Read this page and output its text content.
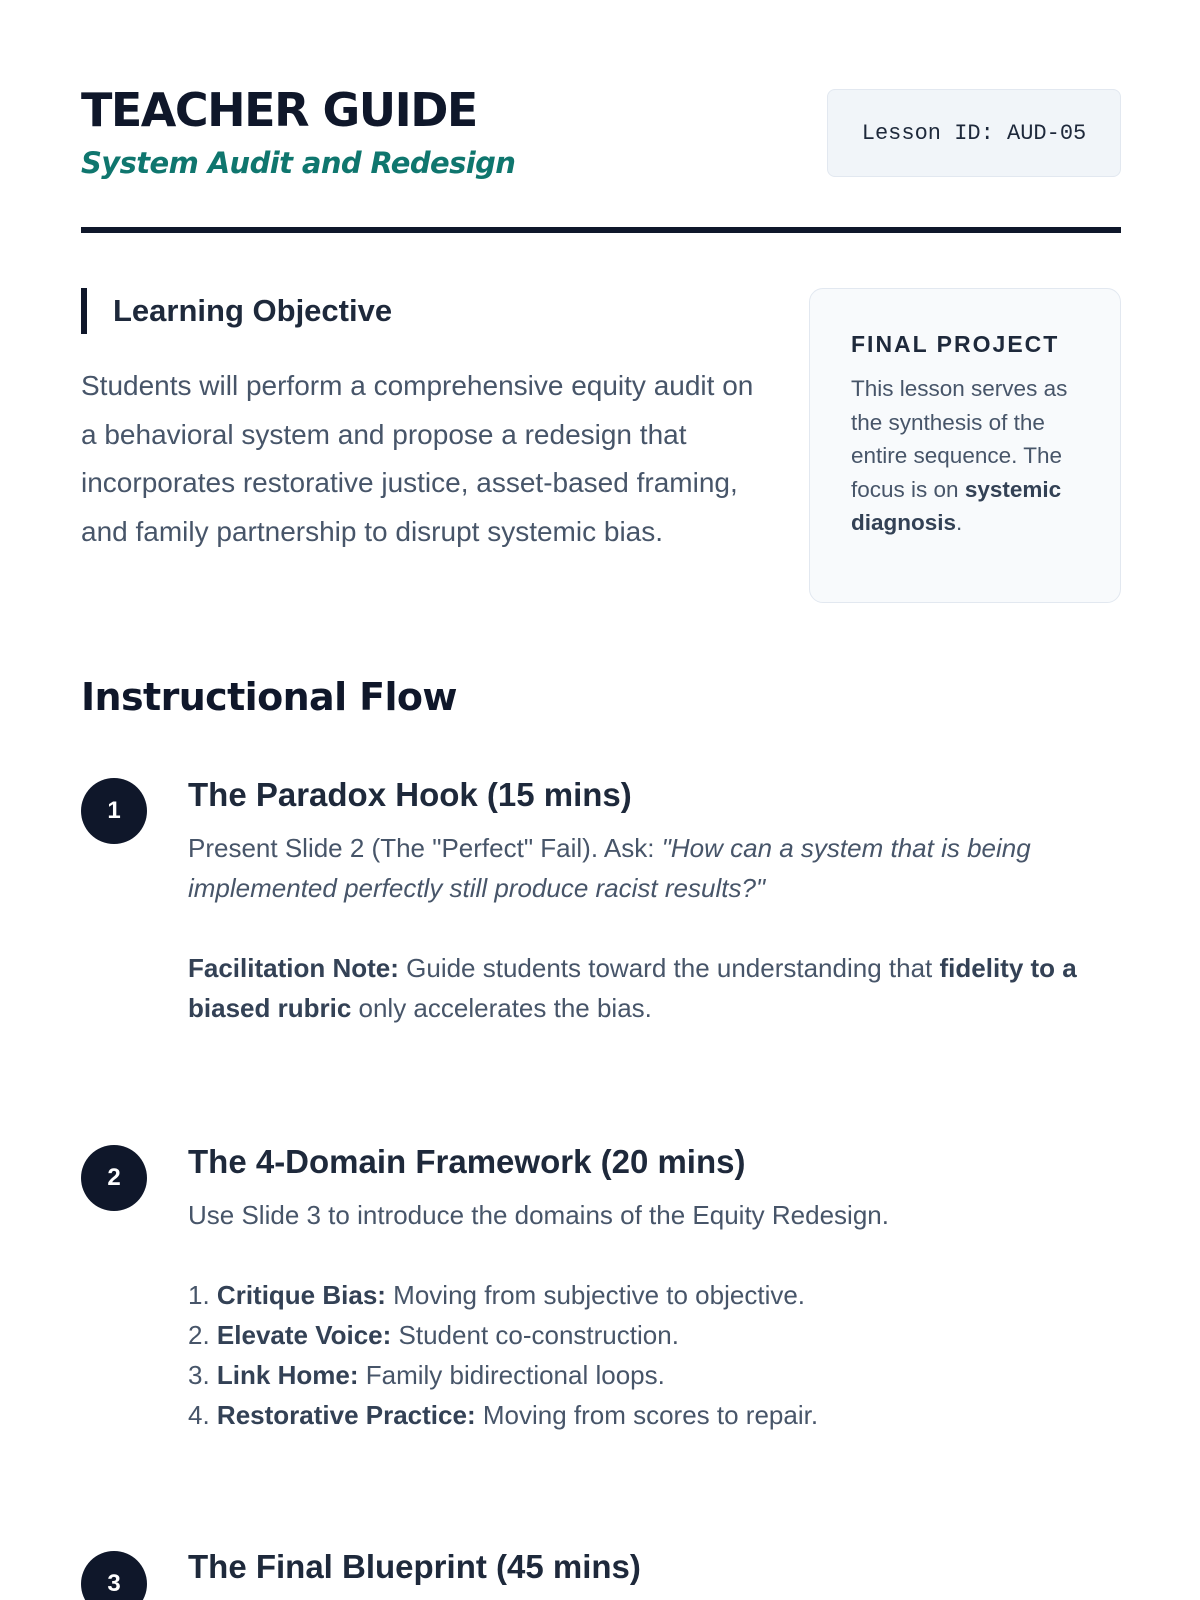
TEACHER GUIDE
System Audit and Redesign
Lesson ID: AUD-05
Learning Objective

Students will perform a comprehensive equity audit on a behavioral system and propose a redesign that incorporates restorative justice, asset-based framing, and family partnership to disrupt systemic bias.

FINAL PROJECT

This lesson serves as the synthesis of the entire sequence. The focus is on systemic diagnosis.

Instructional Flow
1	The Paradox Hook (15 mins)

Present Slide 2 (The "Perfect" Fail). Ask: "How can a system that is being implemented perfectly still produce racist results?"

Facilitation Note: Guide students toward the understanding that fidelity to a biased rubric only accelerates the bias.

2	The 4-Domain Framework (20 mins)

Use Slide 3 to introduce the domains of the Equity Redesign.

1. Critique Bias: Moving from subjective to objective.

2. Elevate Voice: Student co-construction.

3. Link Home: Family bidirectional loops.

4. Restorative Practice: Moving from scores to repair.

3	The Final Blueprint (45 mins)
